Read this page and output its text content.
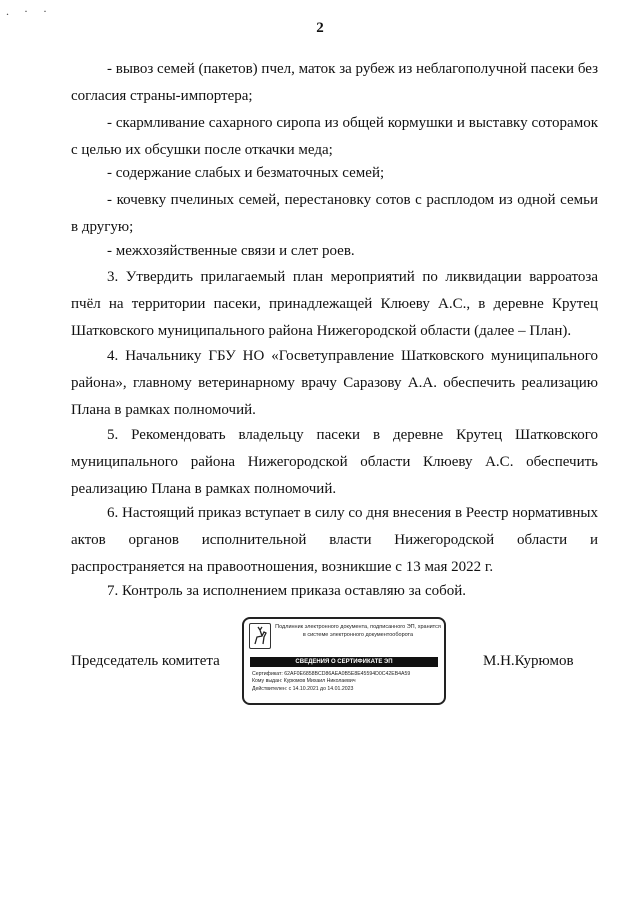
. · ·
2

- вывоз семей (пакетов) пчел, маток за рубеж из неблагополучной пасеки без согласия страны-импортера;

- скармливание сахарного сиропа из общей кормушки и выставку сотoрамок с целью их обсушки после откачки меда;

- содержание слабых и безматочных семей;

- кочевку пчелиных семей, перестановку сотов с расплодом из одной семьи в другую;

- межхозяйственные связи и слет роев.

3. Утвердить прилагаемый план мероприятий по ликвидации варроатоза пчёл на территории пасеки, принадлежащей Клюеву А.С., в деревне Крутец Шатковского муниципального района Нижегородской области (далее – План).

4. Начальнику ГБУ НО «Госветуправление Шатковского муниципального района», главному ветеринарному врачу Саразову А.А. обеспечить реализацию Плана в рамках полномочий.

5. Рекомендовать владельцу пасеки в деревне Крутец Шатковского муниципального района Нижегородской области Клюеву А.С. обеспечить реализацию Плана в рамках полномочий.

6. Настоящий приказ вступает в силу со дня внесения в Реестр нормативных актов органов исполнительной власти Нижегородской области и распространяется на правоотношения, возникшие с 13 мая 2022 г.

7. Контроль за исполнением приказа оставляю за собой.

Председатель комитета	М.Н.Курюмов
Подлинник электронного документа, подписанного ЭП, хранится в системе электронного документооборота
СВЕДЕНИЯ О СЕРТИФИКАТЕ ЭП
Сертификат: 62AF0E6858BCD86AEA0B5E8E45594D0C42EB4A59
Кому выдан: Курюмов Михаил Николаевич
Действителен: с 14.10.2021 до 14.01.2023
